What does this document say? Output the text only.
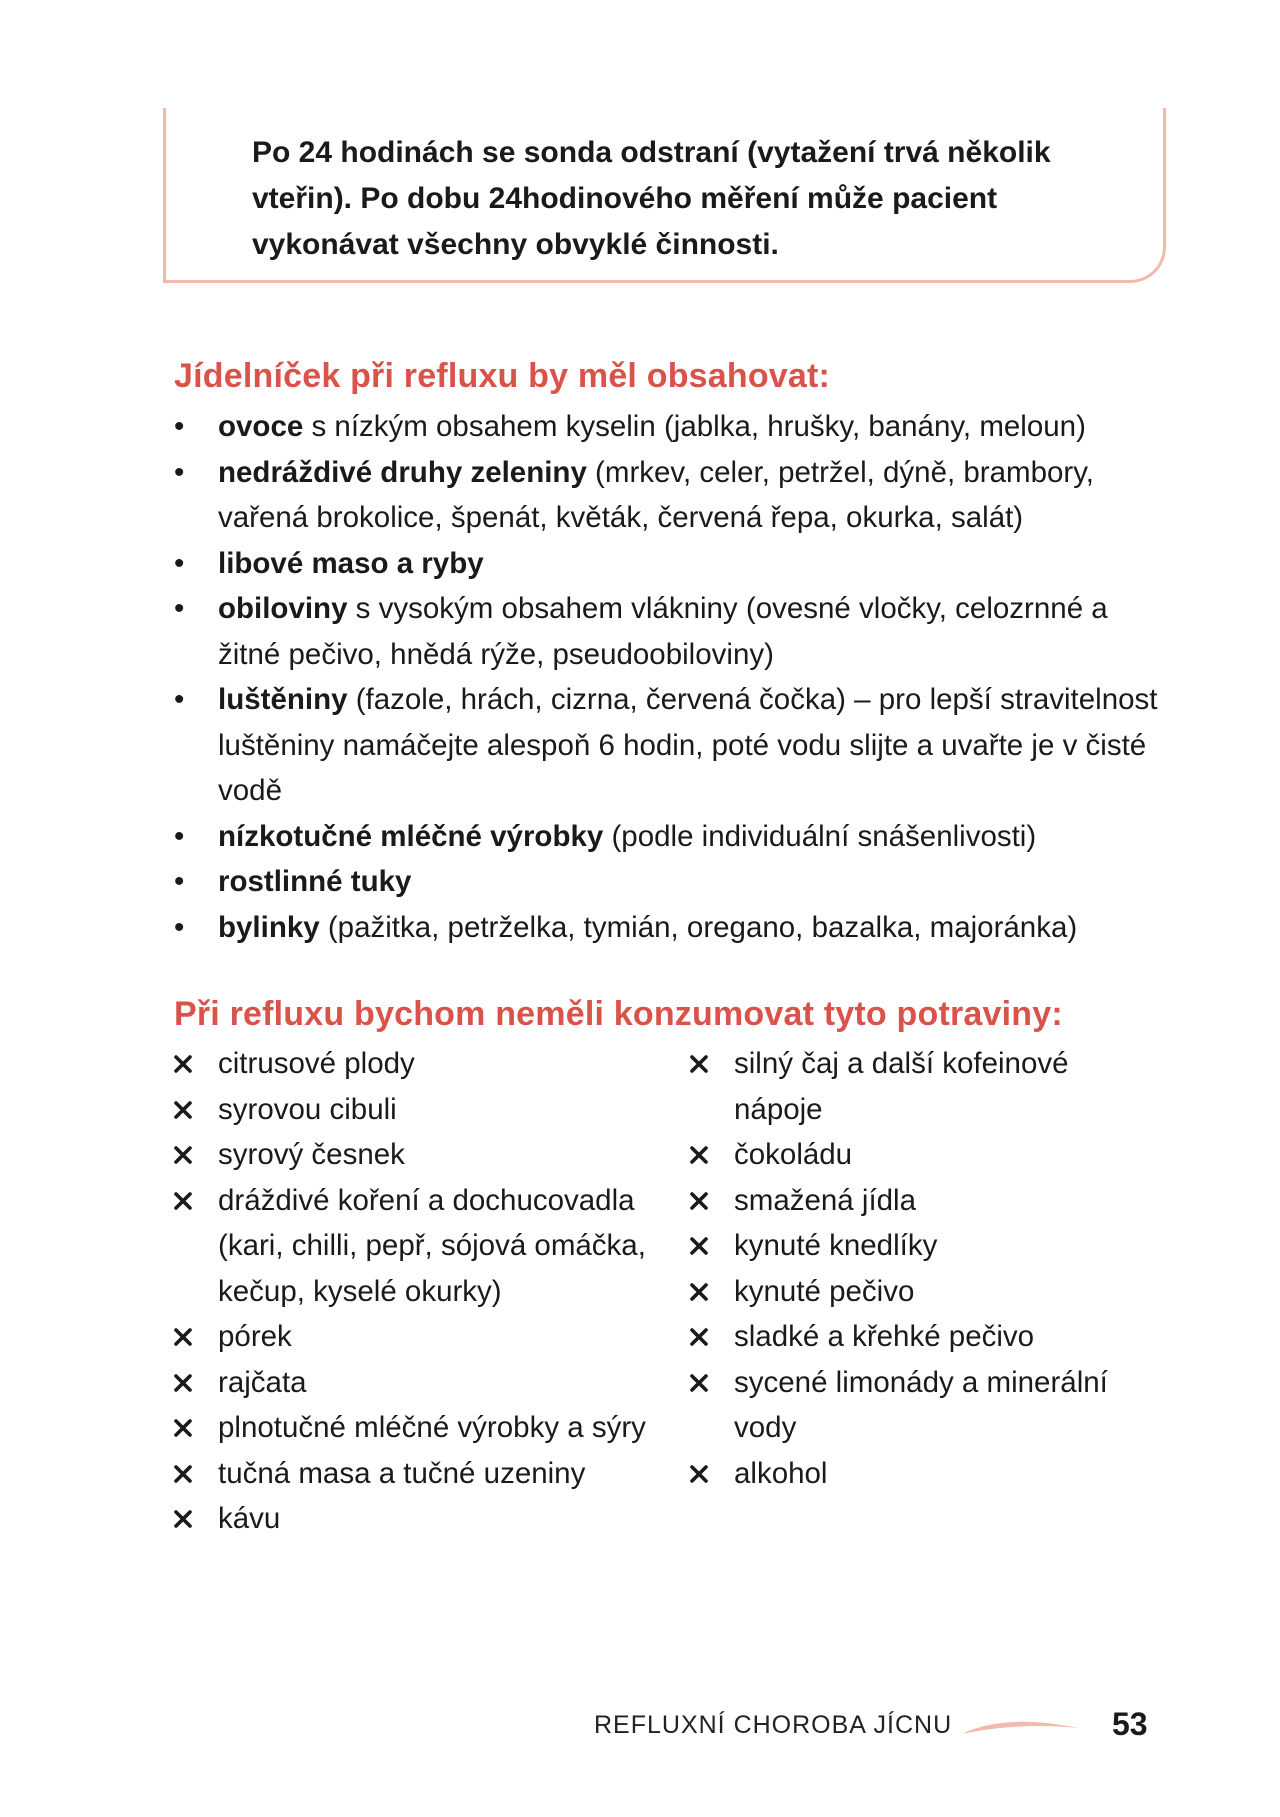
Po 24 hodinách se sonda odstraní (vytažení trvá několik vteřin). Po dobu 24hodinového měření může pacient vykonávat všechny obvyklé činnosti.

Jídelníček při refluxu by měl obsahovat:
•	ovoce s nízkým obsahem kyselin (jablka, hrušky, banány, meloun)
•	nedráždivé druhy zeleniny (mrkev, celer, petržel, dýně, brambory, vařená brokolice, špenát, květák, červená řepa, okurka, salát)
•	libové maso a ryby
•	obiloviny s vysokým obsahem vlákniny (ovesné vločky, celozrnné a žitné pečivo, hnědá rýže, pseudoobiloviny)
•	luštěniny (fazole, hrách, cizrna, červená čočka) – pro lepší stravitelnost luštěniny namáčejte alespoň 6 hodin, poté vodu slijte a uvařte je v čisté vodě
•	nízkotučné mléčné výrobky (podle individuální snášenlivosti)
•	rostlinné tuky
•	bylinky (pažitka, petrželka, tymián, oregano, bazalka, majoránka)
Při refluxu bychom neměli konzumovat tyto potraviny:
citrusové plody
syrovou cibuli
syrový česnek
dráždivé koření a dochucovadla (kari, chilli, pepř, sójová omáčka, kečup, kyselé okurky)
pórek
rajčata
plnotučné mléčné výrobky a sýry
tučná masa a tučné uzeniny
kávu
silný čaj a další kofeinové nápoje
čokoládu
smažená jídla
kynuté knedlíky
kynuté pečivo
sladké a křehké pečivo
sycené limonády a minerální vody
alkohol
REFLUXNÍ CHOROBA JÍCNU	53
